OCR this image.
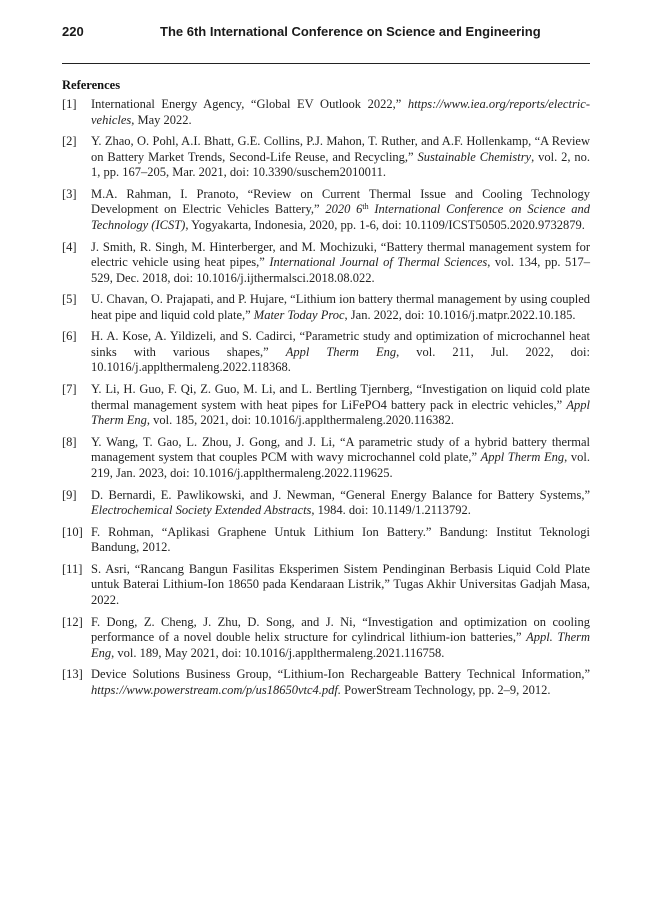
220	The 6th International Conference on Science and Engineering
References
[1]	International Energy Agency, “Global EV Outlook 2022,” https://www.iea.org/reports/electric-vehicles, May 2022.
[2]	Y. Zhao, O. Pohl, A.I. Bhatt, G.E. Collins, P.J. Mahon, T. Ruther, and A.F. Hollenkamp, “A Review on Battery Market Trends, Second-Life Reuse, and Recycling,” Sustainable Chemistry, vol. 2, no. 1, pp. 167–205, Mar. 2021, doi: 10.3390/suschem2010011.
[3]	M.A. Rahman, I. Pranoto, “Review on Current Thermal Issue and Cooling Technology Development on Electric Vehicles Battery,” 2020 6th International Conference on Science and Technology (ICST), Yogyakarta, Indonesia, 2020, pp. 1-6, doi: 10.1109/ICST50505.2020.9732879.
[4]	J. Smith, R. Singh, M. Hinterberger, and M. Mochizuki, “Battery thermal management system for electric vehicle using heat pipes,” International Journal of Thermal Sciences, vol. 134, pp. 517–529, Dec. 2018, doi: 10.1016/j.ijthermalsci.2018.08.022.
[5]	U. Chavan, O. Prajapati, and P. Hujare, “Lithium ion battery thermal management by using coupled heat pipe and liquid cold plate,” Mater Today Proc, Jan. 2022, doi: 10.1016/j.matpr.2022.10.185.
[6]	H. A. Kose, A. Yildizeli, and S. Cadirci, “Parametric study and optimization of microchannel heat sinks with various shapes,” Appl Therm Eng, vol. 211, Jul. 2022, doi: 10.1016/j.applthermaleng.2022.118368.
[7]	Y. Li, H. Guo, F. Qi, Z. Guo, M. Li, and L. Bertling Tjernberg, “Investigation on liquid cold plate thermal management system with heat pipes for LiFePO4 battery pack in electric vehicles,” Appl Therm Eng, vol. 185, 2021, doi: 10.1016/j.applthermaleng.2020.116382.
[8]	Y. Wang, T. Gao, L. Zhou, J. Gong, and J. Li, “A parametric study of a hybrid battery thermal management system that couples PCM with wavy microchannel cold plate,” Appl Therm Eng, vol. 219, Jan. 2023, doi: 10.1016/j.applthermaleng.2022.119625.
[9]	D. Bernardi, E. Pawlikowski, and J. Newman, “General Energy Balance for Battery Systems,” Electrochemical Society Extended Abstracts, 1984. doi: 10.1149/1.2113792.
[10] F. Rohman, “Aplikasi Graphene Untuk Lithium Ion Battery.” Bandung: Institut Teknologi Bandung, 2012.
[11] S. Asri, “Rancang Bangun Fasilitas Eksperimen Sistem Pendinginan Berbasis Liquid Cold Plate untuk Baterai Lithium-Ion 18650 pada Kendaraan Listrik,” Tugas Akhir Universitas Gadjah Masa, 2022.
[12] F. Dong, Z. Cheng, J. Zhu, D. Song, and J. Ni, “Investigation and optimization on cooling performance of a novel double helix structure for cylindrical lithium-ion batteries,” Appl. Therm Eng, vol. 189, May 2021, doi: 10.1016/j.applthermaleng.2021.116758.
[13] Device Solutions Business Group, “Lithium-Ion Rechargeable Battery Technical Information,” https://www.powerstream.com/p/us18650vtc4.pdf. PowerStream Technology, pp. 2–9, 2012.
